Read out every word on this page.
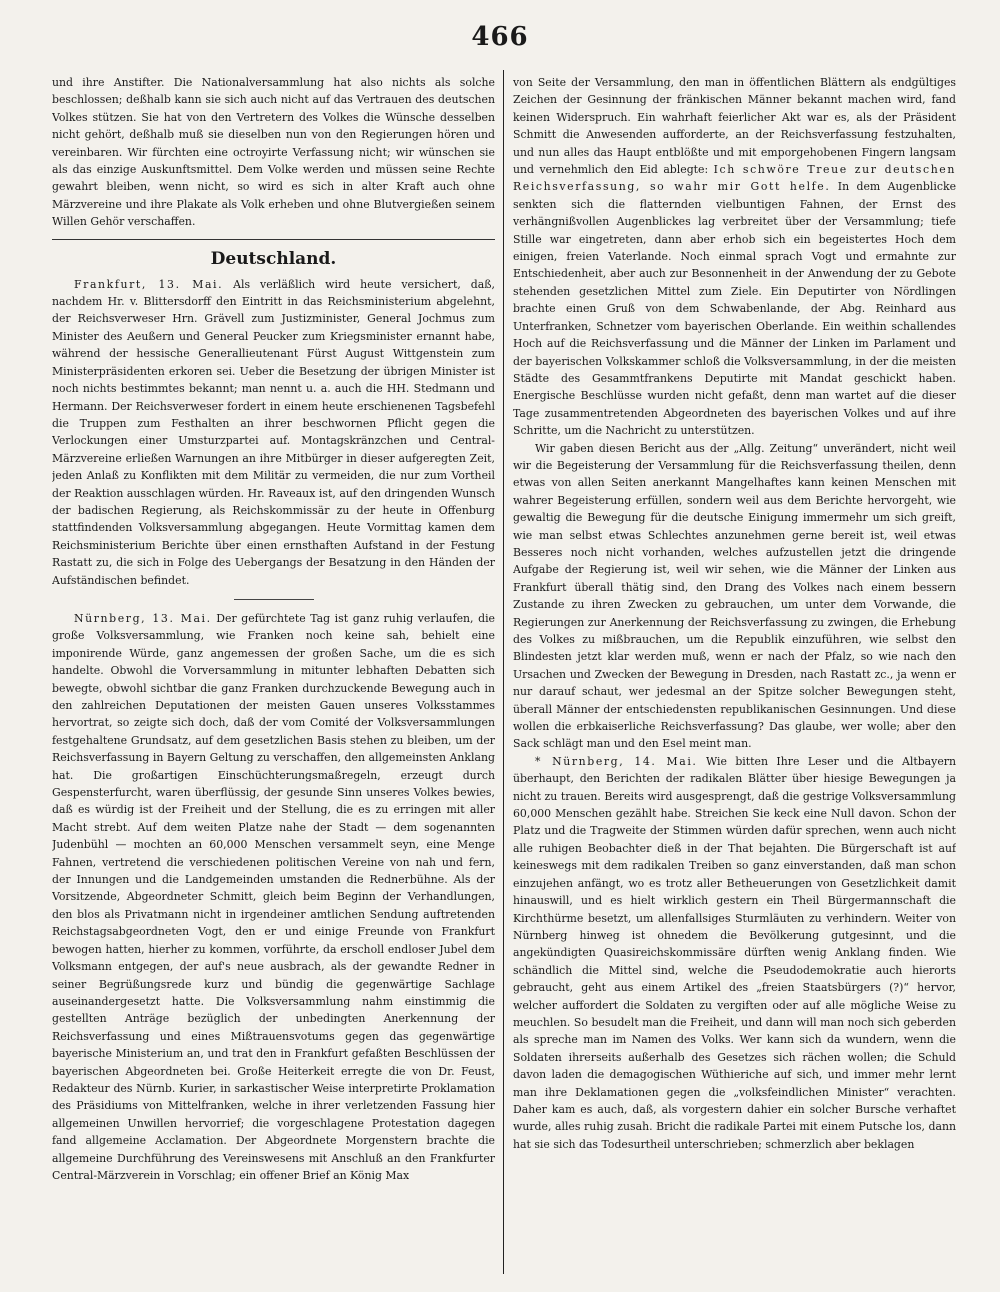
466

und ihre Anstifter. Die Nationalversammlung hat also nichts als solche beschlossen; deßhalb kann sie sich auch nicht auf das Vertrauen des deutschen Volkes stützen. Sie hat von den Vertretern des Volkes die Wünsche desselben nicht gehört, deßhalb muß sie dieselben nun von den Regierungen hören und vereinbaren. Wir fürchten eine octroyirte Verfassung nicht; wir wünschen sie als das einzige Auskunftsmittel. Dem Volke werden und müssen seine Rechte gewahrt bleiben, wenn nicht, so wird es sich in alter Kraft auch ohne Märzvereine und ihre Plakate als Volk erheben und ohne Blutvergießen seinem Willen Gehör verschaffen.

Deutschland.

Frankfurt, 13. Mai. Als verläßlich wird heute versichert, daß, nachdem Hr. v. Blittersdorff den Eintritt in das Reichsministerium abgelehnt, der Reichsverweser Hrn. Grävell zum Justizminister, General Jochmus zum Minister des Aeußern und General Peucker zum Kriegsminister ernannt habe, während der hessische Generallieutenant Fürst August Wittgenstein zum Ministerpräsidenten erkoren sei. Ueber die Besetzung der übrigen Minister ist noch nichts bestimmtes bekannt; man nennt u. a. auch die HH. Stedmann und Hermann. Der Reichsverweser fordert in einem heute erschienenen Tagsbefehl die Truppen zum Festhalten an ihrer beschwornen Pflicht gegen die Verlockungen einer Umsturzpartei auf. Montagskränzchen und Central-Märzvereine erließen Warnungen an ihre Mitbürger in dieser aufgeregten Zeit, jeden Anlaß zu Konflikten mit dem Militär zu vermeiden, die nur zum Vortheil der Reaktion ausschlagen würden. Hr. Raveaux ist, auf den dringenden Wunsch der badischen Regierung, als Reichskommissär zu der heute in Offenburg stattfindenden Volksversammlung abgegangen. Heute Vormittag kamen dem Reichsministerium Berichte über einen ernsthaften Aufstand in der Festung Rastatt zu, die sich in Folge des Uebergangs der Besatzung in den Händen der Aufständischen befindet.

Nürnberg, 13. Mai. Der gefürchtete Tag ist ganz ruhig verlaufen, die große Volksversammlung, wie Franken noch keine sah, behielt eine imponirende Würde, ganz angemessen der großen Sache, um die es sich handelte. Obwohl die Vorversammlung in mitunter lebhaften Debatten sich bewegte, obwohl sichtbar die ganz Franken durchzuckende Bewegung auch in den zahlreichen Deputationen der meisten Gauen unseres Volksstammes hervortrat, so zeigte sich doch, daß der vom Comité der Volksversammlungen festgehaltene Grundsatz, auf dem gesetzlichen Basis stehen zu bleiben, um der Reichsverfassung in Bayern Geltung zu verschaffen, den allgemeinsten Anklang hat. Die großartigen Einschüchterungsmaßregeln, erzeugt durch Gespensterfurcht, waren überflüssig, der gesunde Sinn unseres Volkes bewies, daß es würdig ist der Freiheit und der Stellung, die es zu erringen mit aller Macht strebt. Auf dem weiten Platze nahe der Stadt — dem sogenannten Judenbühl — mochten an 60,000 Menschen versammelt seyn, eine Menge Fahnen, vertretend die verschiedenen politischen Vereine von nah und fern, der Innungen und die Landgemeinden umstanden die Rednerbühne. Als der Vorsitzende, Abgeordneter Schmitt, gleich beim Beginn der Verhandlungen, den blos als Privatmann nicht in irgendeiner amtlichen Sendung auftretenden Reichstagsabgeordneten Vogt, den er und einige Freunde von Frankfurt bewogen hatten, hierher zu kommen, vorführte, da erscholl endloser Jubel dem Volksmann entgegen, der auf's neue ausbrach, als der gewandte Redner in seiner Begrüßungsrede kurz und bündig die gegenwärtige Sachlage auseinandergesetzt hatte. Die Volksversammlung nahm einstimmig die gestellten Anträge bezüglich der unbedingten Anerkennung der Reichsverfassung und eines Mißtrauensvotums gegen das gegenwärtige bayerische Ministerium an, und trat den in Frankfurt gefaßten Beschlüssen der bayerischen Abgeordneten bei. Große Heiterkeit erregte die von Dr. Feust, Redakteur des Nürnb. Kurier, in sarkastischer Weise interpretirte Proklamation des Präsidiums von Mittelfranken, welche in ihrer verletzenden Fassung hier allgemeinen Unwillen hervorrief; die vorgeschlagene Protestation dagegen fand allgemeine Acclamation. Der Abgeordnete Morgenstern brachte die allgemeine Durchführung des Vereinswesens mit Anschluß an den Frankfurter Central-Märzverein in Vorschlag; ein offener Brief an König Max

von Seite der Versammlung, den man in öffentlichen Blättern als endgültiges Zeichen der Gesinnung der fränkischen Männer bekannt machen wird, fand keinen Widerspruch. Ein wahrhaft feierlicher Akt war es, als der Präsident Schmitt die Anwesenden aufforderte, an der Reichsverfassung festzuhalten, und nun alles das Haupt entblößte und mit emporgehobenen Fingern langsam und vernehmlich den Eid ablegte: Ich schwöre Treue zur deutschen Reichsverfassung, so wahr mir Gott helfe. In dem Augenblicke senkten sich die flatternden vielbuntigen Fahnen, der Ernst des verhängnißvollen Augenblickes lag verbreitet über der Versammlung; tiefe Stille war eingetreten, dann aber erhob sich ein begeistertes Hoch dem einigen, freien Vaterlande. Noch einmal sprach Vogt und ermahnte zur Entschiedenheit, aber auch zur Besonnenheit in der Anwendung der zu Gebote stehenden gesetzlichen Mittel zum Ziele. Ein Deputirter von Nördlingen brachte einen Gruß von dem Schwabenlande, der Abg. Reinhard aus Unterfranken, Schnetzer vom bayerischen Oberlande. Ein weithin schallendes Hoch auf die Reichsverfassung und die Männer der Linken im Parlament und der bayerischen Volkskammer schloß die Volksversammlung, in der die meisten Städte des Gesammtfrankens Deputirte mit Mandat geschickt haben. Energische Beschlüsse wurden nicht gefaßt, denn man wartet auf die dieser Tage zusammentretenden Abgeordneten des bayerischen Volkes und auf ihre Schritte, um die Nachricht zu unterstützen.

Wir gaben diesen Bericht aus der „Allg. Zeitung“ unverändert, nicht weil wir die Begeisterung der Versammlung für die Reichsverfassung theilen, denn etwas von allen Seiten anerkannt Mangelhaftes kann keinen Menschen mit wahrer Begeisterung erfüllen, sondern weil aus dem Berichte hervorgeht, wie gewaltig die Bewegung für die deutsche Einigung immermehr um sich greift, wie man selbst etwas Schlechtes anzunehmen gerne bereit ist, weil etwas Besseres noch nicht vorhanden, welches aufzustellen jetzt die dringende Aufgabe der Regierung ist, weil wir sehen, wie die Männer der Linken aus Frankfurt überall thätig sind, den Drang des Volkes nach einem bessern Zustande zu ihren Zwecken zu gebrauchen, um unter dem Vorwande, die Regierungen zur Anerkennung der Reichsverfassung zu zwingen, die Erhebung des Volkes zu mißbrauchen, um die Republik einzuführen, wie selbst den Blindesten jetzt klar werden muß, wenn er nach der Pfalz, so wie nach den Ursachen und Zwecken der Bewegung in Dresden, nach Rastatt zc., ja wenn er nur darauf schaut, wer jedesmal an der Spitze solcher Bewegungen steht, überall Männer der entschiedensten republikanischen Gesinnungen. Und diese wollen die erbkaiserliche Reichsverfassung? Das glaube, wer wolle; aber den Sack schlägt man und den Esel meint man.

* Nürnberg, 14. Mai. Wie bitten Ihre Leser und die Altbayern überhaupt, den Berichten der radikalen Blätter über hiesige Bewegungen ja nicht zu trauen. Bereits wird ausgesprengt, daß die gestrige Volksversammlung 60,000 Menschen gezählt habe. Streichen Sie keck eine Null davon. Schon der Platz und die Tragweite der Stimmen würden dafür sprechen, wenn auch nicht alle ruhigen Beobachter dieß in der That bejahten. Die Bürgerschaft ist auf keineswegs mit dem radikalen Treiben so ganz einverstanden, daß man schon einzujehen anfängt, wo es trotz aller Betheuerungen von Gesetzlichkeit damit hinauswill, und es hielt wirklich gestern ein Theil Bürgermannschaft die Kirchthürme besetzt, um allenfallsiges Sturmläuten zu verhindern. Weiter von Nürnberg hinweg ist ohnedem die Bevölkerung gutgesinnt, und die angekündigten Quasireichskommissäre dürften wenig Anklang finden. Wie schändlich die Mittel sind, welche die Pseudodemokratie auch hierorts gebraucht, geht aus einem Artikel des „freien Staatsbürgers (?)“ hervor, welcher auffordert die Soldaten zu vergiften oder auf alle mögliche Weise zu meuchlen. So besudelt man die Freiheit, und dann will man noch sich geberden als spreche man im Namen des Volks. Wer kann sich da wundern, wenn die Soldaten ihrerseits außerhalb des Gesetzes sich rächen wollen; die Schuld davon laden die demagogischen Wüthieriche auf sich, und immer mehr lernt man ihre Deklamationen gegen die „volksfeindlichen Minister“ verachten. Daher kam es auch, daß, als vorgestern dahier ein solcher Bursche verhaftet wurde, alles ruhig zusah. Bricht die radikale Partei mit einem Putsche los, dann hat sie sich das Todesurtheil unterschrieben; schmerzlich aber beklagen
